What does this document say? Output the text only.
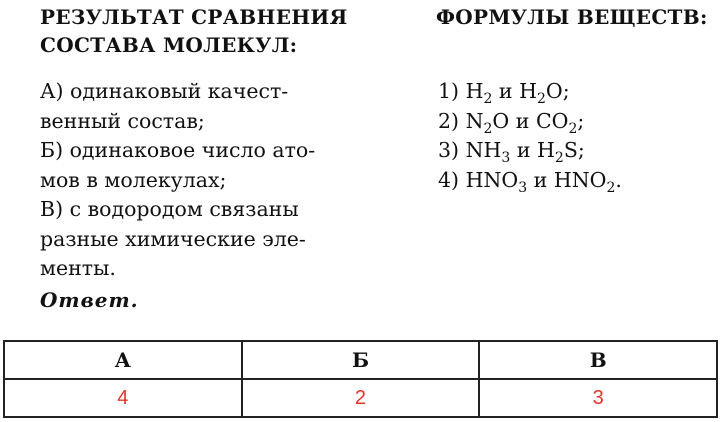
РЕЗУЛЬТАТ СРАВНЕНИЯ
СОСТАВА МОЛЕКУЛ:
ФОРМУЛЫ ВЕЩЕСТВ:
А) одинаковый качест-
венный состав;
Б) одинаковое число ато-
мов в молекулах;
В) с водородом связаны
разные химические эле-
менты.
1) $H_2$ и $H_2O$;
2) $N_2O$ и $CO_2$;
3) $NH_3$ и $H_2S$;
4) $HNO_3$ и $HNO_2$.
Ответ.
А	Б	В
4	2	3
